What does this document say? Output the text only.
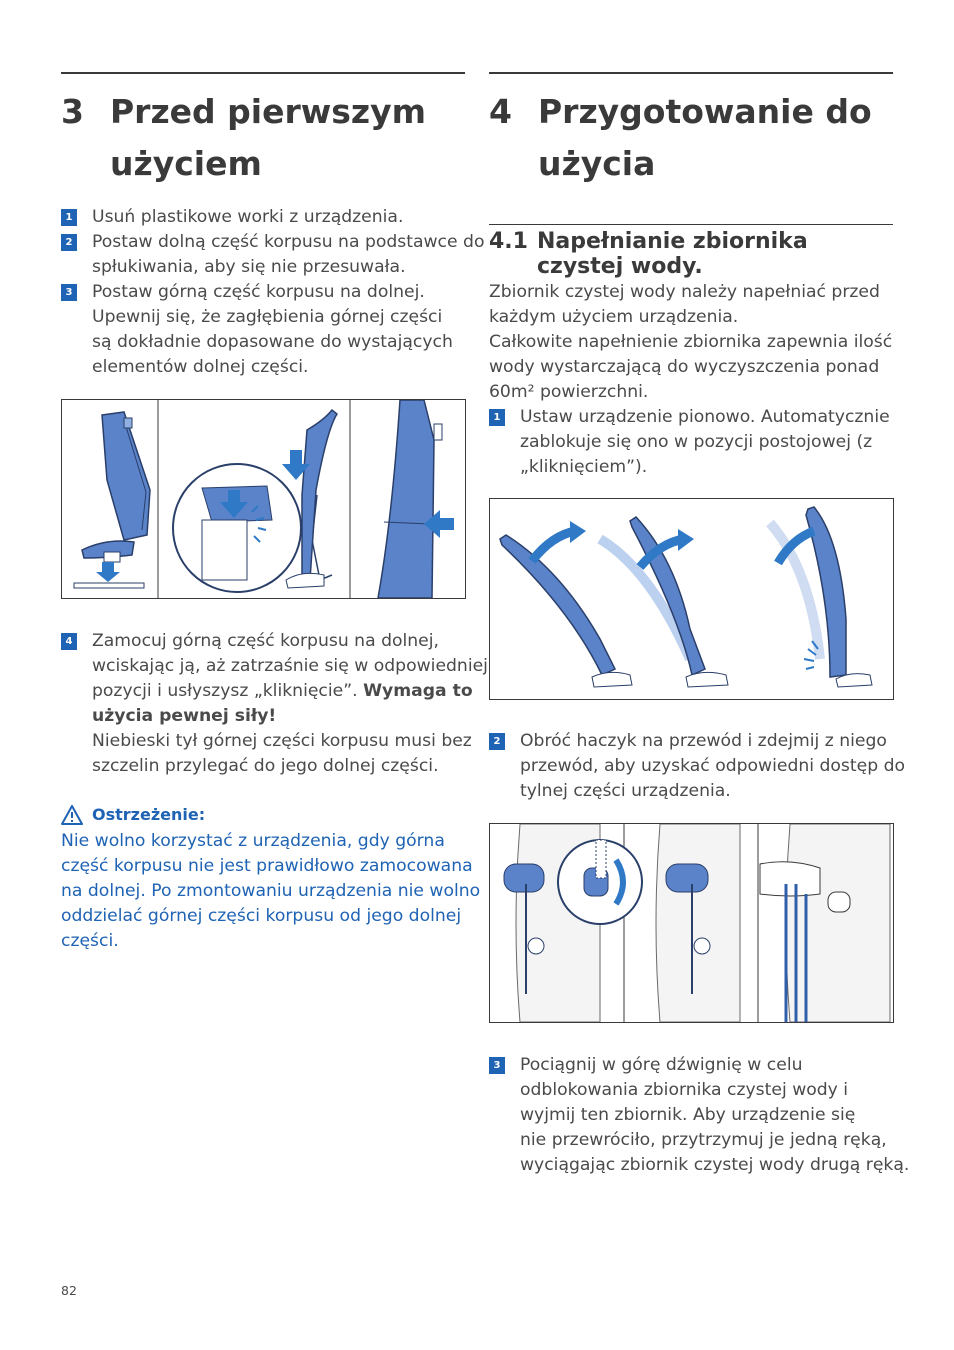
3 Przed pierwszym
użyciem
1 Usuń plastikowe worki z urządzenia.
2 Postaw dolną część korpusu na podstawce do
spłukiwania, aby się nie przesuwała.
3 Postaw górną część korpusu na dolnej.
Upewnij się, że zagłębienia górnej części
są dokładnie dopasowane do wystających
elementów dolnej części.
4 Zamocuj górną część korpusu na dolnej,
wciskając ją, aż zatrzaśnie się w odpowiedniej
pozycji i usłyszysz „kliknięcie”. Wymaga to
użycia pewnej siły!
Niebieski tył górnej części korpusu musi bez
szczelin przylegać do jego dolnej części.
Ostrzeżenie:
Nie wolno korzystać z urządzenia, gdy górna
część korpusu nie jest prawidłowo zamocowana
na dolnej. Po zmontowaniu urządzenia nie wolno
oddzielać górnej części korpusu od jego dolnej
części.
4 Przygotowanie do
użycia
4.1 Napełnianie zbiornika
czystej wody.
Zbiornik czystej wody należy napełniać przed
każdym użyciem urządzenia.
Całkowite napełnienie zbiornika zapewnia ilość
wody wystarczającą do wyczyszczenia ponad
60m² powierzchni.
1 Ustaw urządzenie pionowo. Automatycznie
zablokuje się ono w pozycji postojowej (z
„kliknięciem”).
2 Obróć haczyk na przewód i zdejmij z niego
przewód, aby uzyskać odpowiedni dostęp do
tylnej części urządzenia.
3 Pociągnij w górę dźwignię w celu
odblokowania zbiornika czystej wody i
wyjmij ten zbiornik. Aby urządzenie się
nie przewróciło, przytrzymuj je jedną ręką,
wyciągając zbiornik czystej wody drugą ręką.
82
